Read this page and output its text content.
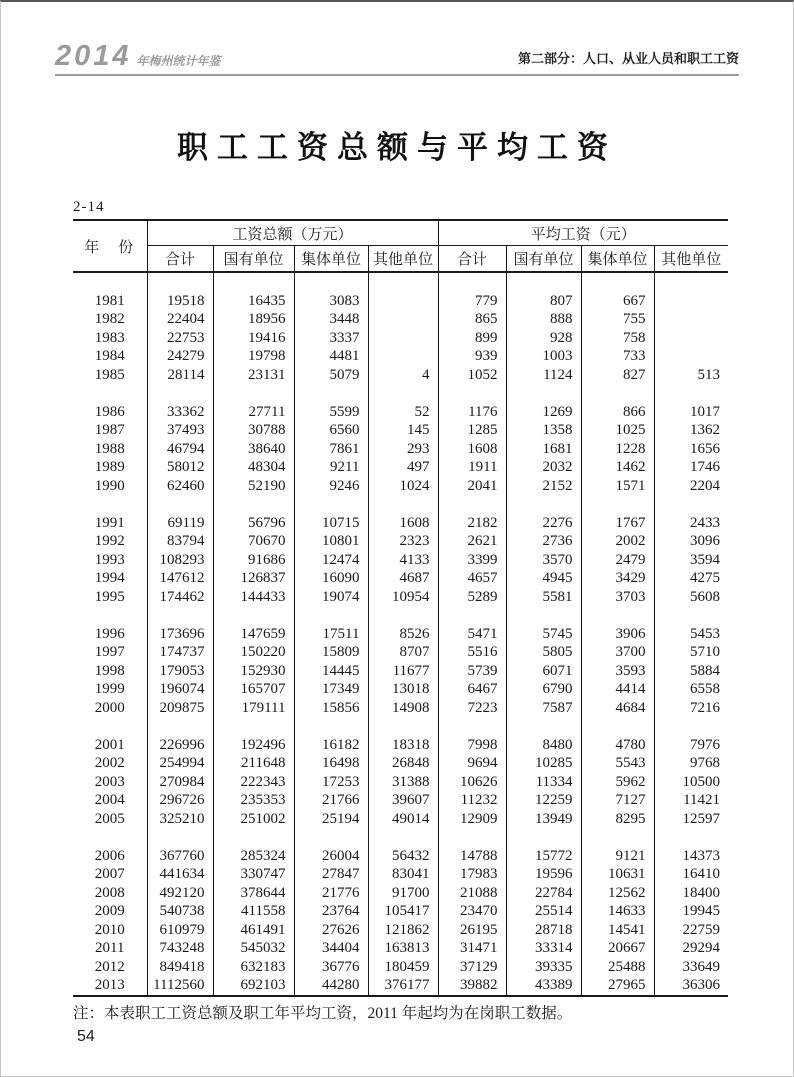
2014 年梅州统计年鉴	第二部分：人口、从业人员和职工工资
职工工资总额与平均工资
2-14
年　份	工资总额（万元）				平均工资（元）			
	合计	国有单位	集体单位	其他单位	合计	国有单位	集体单位	其他单位

1981	19518	16435	3083		779	807	667	
1982	22404	18956	3448		865	888	755	
1983	22753	19416	3337		899	928	758	
1984	24279	19798	4481		939	1003	733	
1985	28114	23131	5079	4	1052	1124	827	513

1986	33362	27711	5599	52	1176	1269	866	1017
1987	37493	30788	6560	145	1285	1358	1025	1362
1988	46794	38640	7861	293	1608	1681	1228	1656
1989	58012	48304	9211	497	1911	2032	1462	1746
1990	62460	52190	9246	1024	2041	2152	1571	2204

1991	69119	56796	10715	1608	2182	2276	1767	2433
1992	83794	70670	10801	2323	2621	2736	2002	3096
1993	108293	91686	12474	4133	3399	3570	2479	3594
1994	147612	126837	16090	4687	4657	4945	3429	4275
1995	174462	144433	19074	10954	5289	5581	3703	5608

1996	173696	147659	17511	8526	5471	5745	3906	5453
1997	174737	150220	15809	8707	5516	5805	3700	5710
1998	179053	152930	14445	11677	5739	6071	3593	5884
1999	196074	165707	17349	13018	6467	6790	4414	6558
2000	209875	179111	15856	14908	7223	7587	4684	7216

2001	226996	192496	16182	18318	7998	8480	4780	7976
2002	254994	211648	16498	26848	9694	10285	5543	9768
2003	270984	222343	17253	31388	10626	11334	5962	10500
2004	296726	235353	21766	39607	11232	12259	7127	11421
2005	325210	251002	25194	49014	12909	13949	8295	12597

2006	367760	285324	26004	56432	14788	15772	9121	14373
2007	441634	330747	27847	83041	17983	19596	10631	16410
2008	492120	378644	21776	91700	21088	22784	12562	18400
2009	540738	411558	23764	105417	23470	25514	14633	19945
2010	610979	461491	27626	121862	26195	28718	14541	22759
2011	743248	545032	34404	163813	31471	33314	20667	29294
2012	849418	632183	36776	180459	37129	39335	25488	33649
2013	1112560	692103	44280	376177	39882	43389	27965	36306
注：本表职工工资总额及职工年平均工资，2011 年起均为在岗职工数据。
54
